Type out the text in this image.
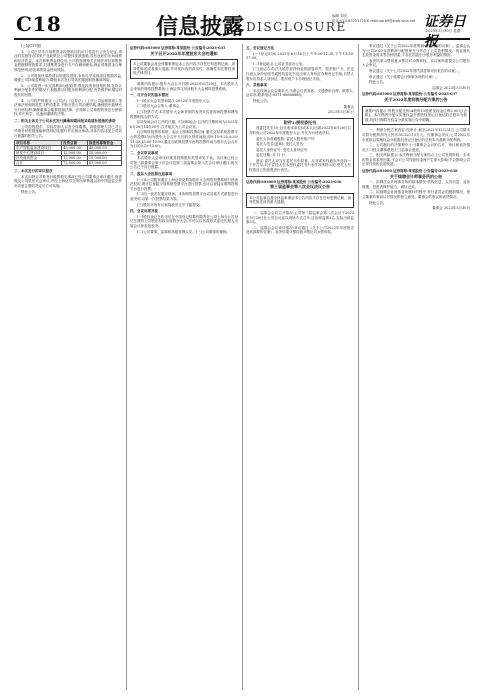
C18	信息披露 DISCLOSURE
编辑 刘亮
电话:010-83251720 E-mail:zqrb9@zqrb.sina.net 证券日报
2023年5月30日 星期二

(上接C17版)

1、公司已对本次募集资金投资项目的可行性进行了充分论证,项目的实施符合国家产业政策及公司整体发展战略,具有良好的市场前景和经济效益。本次募集资金到位后,公司将按照相关法律法规及募集资金管理制度的要求,对募集资金进行专户存储和使用,保证募集资金合理规范使用,防范募集资金使用风险。

2、公司将加快募投项目的建设进度,争取尽早实现项目预期效益,增强公司持续盈利能力,降低本次发行导致的即期回报摊薄风险。

3、公司将进一步完善利润分配政策,强化投资者回报机制,在符合利润分配条件的情况下,积极推动对股东的利润分配,有效维护和增加对股东的回报。

4、公司将严格遵守《公司法》《证券法》《上市公司治理准则》等法律法规和规范性文件的要求,不断完善公司治理结构,确保股东能够充分行使权利,确保董事会能够按照法律、法规和公司章程的规定行使职权,作出科学、迅速和谨慎的决策。

二、相关主体关于公司本次发行摊薄即期回报采取填补措施的承诺

公司控股股东、实际控制人以及全体董事、高级管理人员已对公司填补回报措施能够得到切实履行作出相应承诺,具体内容详见公司同日披露的相关公告。

项目名称	投资总额	拟使用募集资金
年产智能装备建设项目	45,000.00	40,000.00
研发中心建设项目	12,000.00	10,000.00
补充流动资金	15,000.00	15,000.00
合计	72,000.00	65,000.00

三、本次发行的审议程序

本次向特定对象发行股票相关事项已经公司董事会审议通过,尚需提交公司股东大会审议,并经上海证券交易所审核通过和中国证监会作出同意注册的决定后方可实施。

特此公告。

证券代码:603000 证券简称:某某股份 公告编号:2023-035

关于召开2022年年度股东大会的通知
本公司董事会及全体董事保证本公告内容不存在任何虚假记载、误导性陈述或者重大遗漏,并对其内容的真实性、准确性和完整性承担法律责任。

重要内容提示:股东大会召开日期:2023年6月20日。本次股东大会采用的网络投票系统:上海证券交易所股东大会网络投票系统。

一、召开会议的基本情况

(一)股东大会类型和届次:2022年年度股东大会。

(二)股东大会召集人:董事会。

(三)投票方式:本次股东大会所采用的表决方式是现场投票和网络投票相结合的方式。

(四)现场会议召开的日期、时间和地点:召开的日期时间为2023年6月20日14点00分,召开地点为公司会议室。

(五)网络投票的系统、起止日期和投票时间:通过交易系统投票平台的投票时间为股东大会召开当日的交易时间段,即9:15-9:25,9:30-11:30,13:00-15:00;通过互联网投票平台的投票时间为股东大会召开当日的9:15-15:00。

二、会议审议事项

本次股东大会审议议案及投票股东类型详见下表。各议案已经公司第三届董事会第十次会议及第三届监事会第八次会议审议通过,相关公告已于同日披露。

三、股东大会投票注意事项

(一)本公司股东通过上海证券交易所股东大会网络投票系统行使表决权的,既可以登陆交易系统投票平台进行投票,也可以登陆互联网投票平台进行投票。

(二)同一表决权通过现场、本所网络投票平台或其他方式重复进行表决的,以第一次投票结果为准。

(三)股东对所有议案均表决完毕才能提交。

四、会议出席对象

(一)股权登记日收市后在中国登记结算有限责任公司上海分公司登记在册的公司股东有权出席股东大会,并可以以书面形式委托代理人出席会议和参加表决。

(二)公司董事、监事和高级管理人员。(三)公司聘请的律师。

五、会议登记方法

(一)登记时间:2023年6月16日上午9:00-11:30,下午13:30-17:00。

(二)登记地点:公司证券部办公室。

(三)登记方式:法人股东应持营业执照复印件、股东账户卡、法定代表人身份证明书或授权委托书及出席人身份证办理登记手续;自然人股东应持本人身份证、股东账户卡办理登记手续。

六、其他事项

本次现场会议会期半天,出席会议者食宿、交通费用自理。联系人:证券部;联系电话:0571-88888888。

特此公告。

董事会

2023年5月30日

附件1:授权委托书

兹委托先生(女士)代表本单位(或本人)出席2023年6月20日召开的贵公司2022年年度股东大会,并代为行使表决权。

委托人持普通股数: 委托人股东账户号:

委托人签名(盖章): 受托人签名:

委托人身份证号: 受托人身份证号:

委托日期: 年 月 日

备注:委托人应当在委托书中同意、反对或弃权意向中选择一个并打勾,对于委托人在本授权委托书中未作具体指示的,受托人有权按自己的意愿进行表决。

证券代码:603000 证券简称:某某股份 公告编号:2023-036

第三届监事会第八次会议决议公告
本公司监事会及全体监事保证本公告内容不存在任何虚假记载、误导性陈述或者重大遗漏。

一、监事会会议召开情况:公司第三届监事会第八次会议于2023年5月29日在公司会议室以现场方式召开,应出席监事3名,实际出席监事3名。

二、监事会会议审议情况:审议通过《关于公司2022年年度报告及其摘要的议案》,表决结果:3票同意,0票反对,0票弃权。

审议通过《关于公司2022年度利润分配预案的议案》。监事会认为:公司2022年度利润分配预案充分考虑了公司盈利情况、现金流状态及资金需求等各种因素,不存在损害中小股东利益的情形。

表决结果:3票同意,0票反对,0票弃权。本议案尚需提交公司股东大会审议。

审议通过《关于公司2022年度内部控制评价报告的议案》。

审议通过《关于续聘会计师事务所的议案》。

特此公告。

监事会 2023年5月30日

证券代码:603000 证券简称:某某股份 公告编号:2023-037

关于2022年度利润分配方案的公告
重要内容提示:每股分配比例:A股每10股派发现金红利2.00元(含税)。本次利润分配以实施权益分派股权登记日登记的总股本为基数,具体日期将在权益分派实施公告中明确。

一、利润分配方案内容:经审计,截至2022年12月31日,公司期末可供分配利润为人民币58,320.15万元。经董事会决议,公司2022年年度拟以实施权益分派股权登记日登记的总股本为基数分配利润。

二、公司履行的决策程序:(一)董事会会议的召开、审议和表决情况;(二)独立董事意见;(三)监事会意见。

三、相关风险提示:本次利润分配方案结合了公司发展阶段、未来的资金需求等因素,不会对公司经营现金流产生重大影响,不会影响公司正常经营和长期发展。

证券代码:603000 证券简称:某某股份 公告编号:2023-038

关于续聘会计师事务所的公告

一、拟聘任会计师事务所的基本情况:机构信息、人员信息、业务规模、投资者保护能力、诚信记录。

二、拟续聘会计师事务所履行的程序:审计委员会的履职情况、独立董事的事前认可情况和独立意见、董事会的审议和表决情况。

特此公告。

董事会 2023年5月30日
